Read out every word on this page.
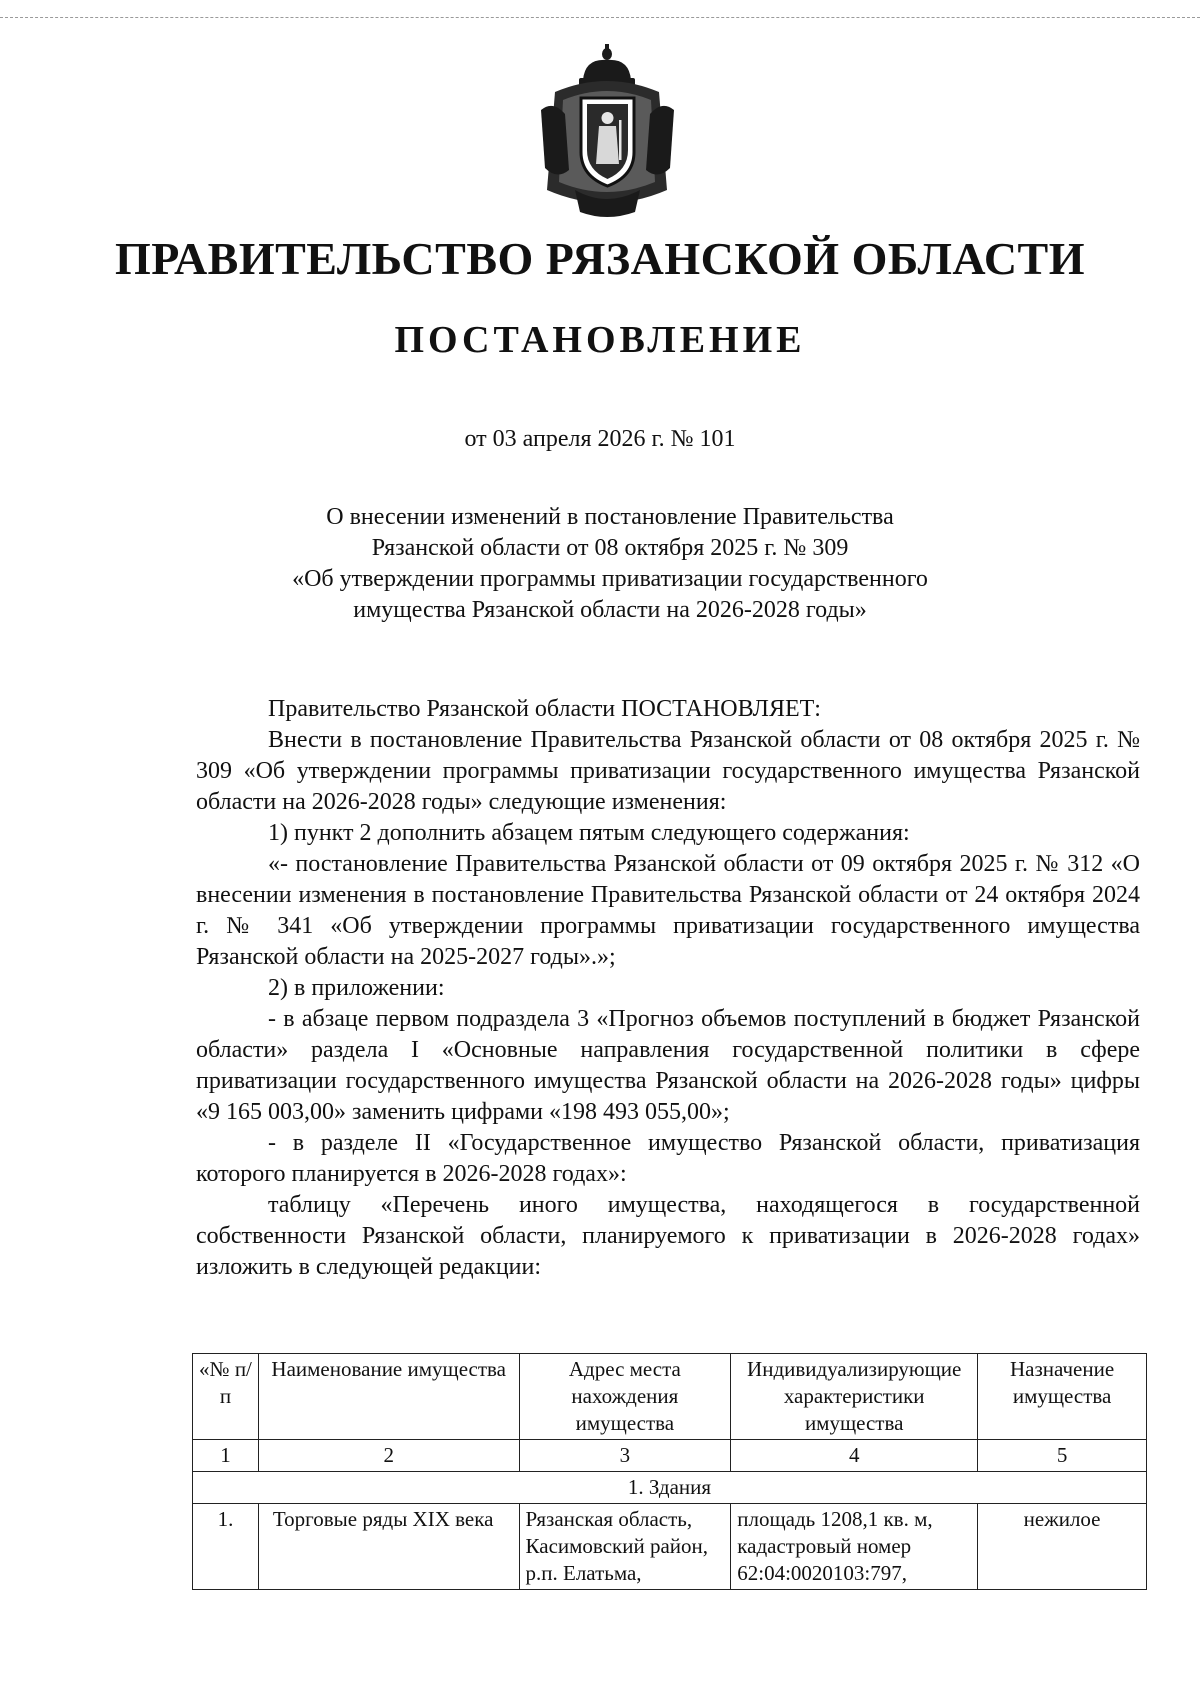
ПРАВИТЕЛЬСТВО РЯЗАНСКОЙ ОБЛАСТИ
ПОСТАНОВЛЕНИЕ
от 03 апреля 2026 г. № 101
О внесении изменений в постановление Правительства
Рязанской области от 08 октября 2025 г. № 309
«Об утверждении программы приватизации государственного
имущества Рязанской области на 2026-2028 годы»

Правительство Рязанской области ПОСТАНОВЛЯЕТ:

Внести в постановление Правительства Рязанской области от 08 октября 2025 г. № 309 «Об утверждении программы приватизации государственного имущества Рязанской области на 2026-2028 годы» следующие изменения:

1) пункт 2 дополнить абзацем пятым следующего содержания:

«- постановление Правительства Рязанской области от 09 октября 2025 г. № 312 «О внесении изменения в постановление Правительства Рязанской области от 24 октября 2024 г. № 341 «Об утверждении программы приватизации государственного имущества Рязанской области на 2025-2027 годы».»;

2) в приложении:

- в абзаце первом подраздела 3 «Прогноз объемов поступлений в бюджет Рязанской области» раздела I «Основные направления государственной политики в сфере приватизации государственного имущества Рязанской области на 2026-2028 годы» цифры «9 165 003,00» заменить цифрами «198 493 055,00»;

- в разделе II «Государственное имущество Рязанской области, приватизация которого планируется в 2026-2028 годах»:

таблицу «Перечень иного имущества, находящегося в государственной собственности Рязанской области, планируемого к приватизации в 2026-2028 годах» изложить в следующей редакции:

«№ п/п	Наименование имущества	Адрес места нахождения имущества	Индивидуализирующие характеристики имущества	Назначение имущества
1	2	3	4	5
1. Здания				
1.	Торговые ряды XIX века	Рязанская область, Касимовский район, р.п. Елатьма,	площадь 1208,1 кв. м, кадастровый номер 62:04:0020103:797,	нежилое
